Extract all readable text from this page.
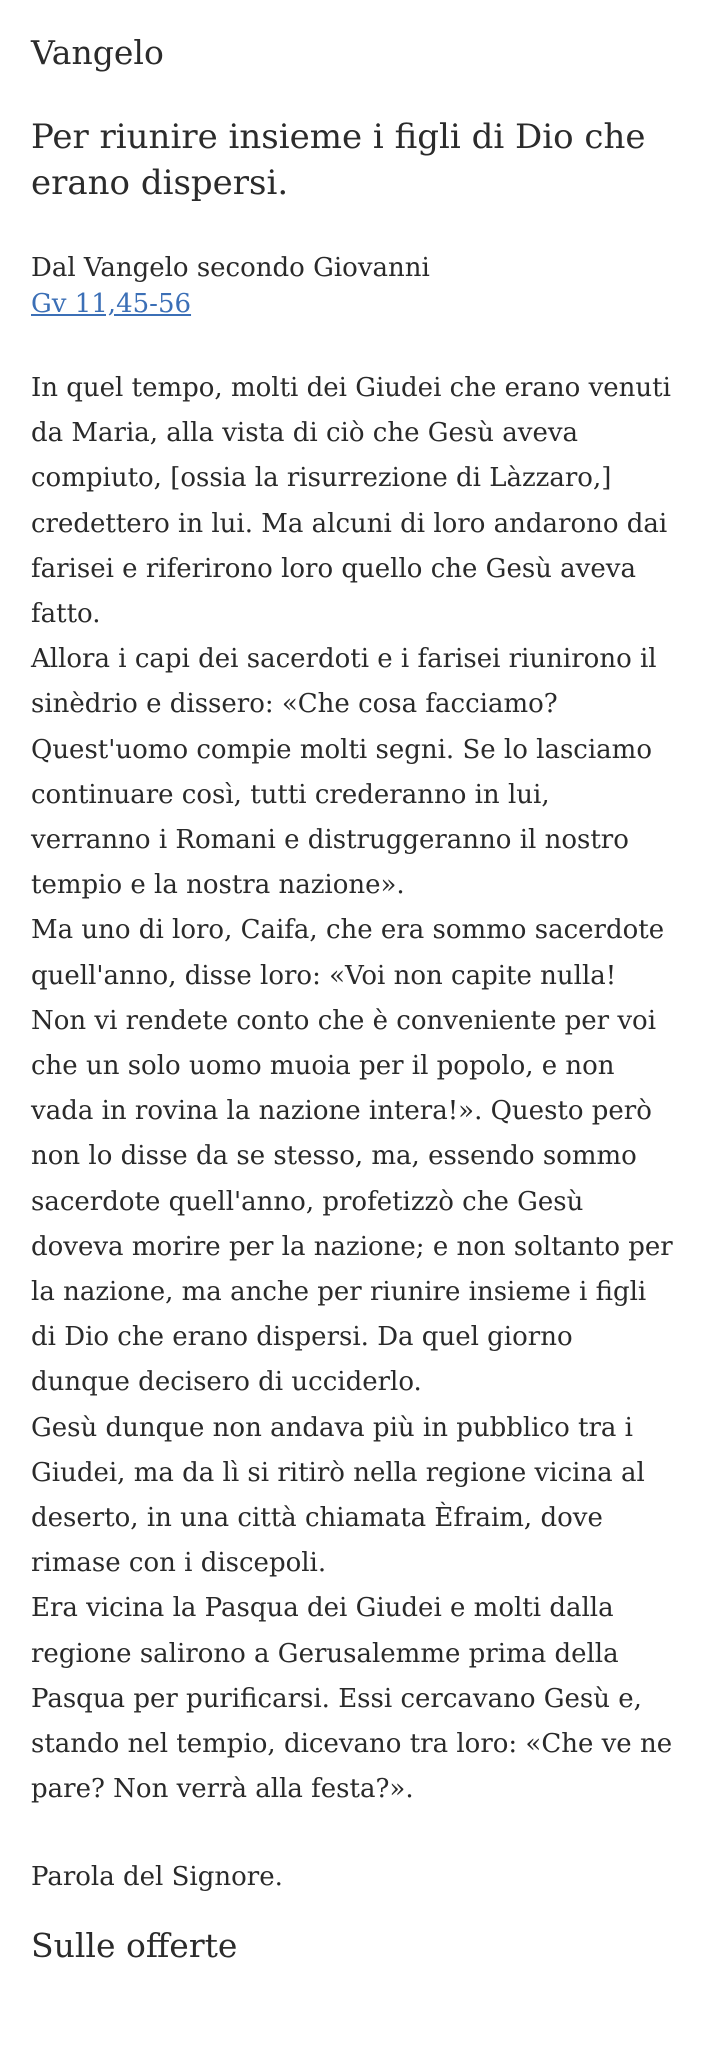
Vangelo
Per riunire insieme i figli di Dio che erano dispersi.
Dal Vangelo secondo Giovanni
Gv 11,45-56

In quel tempo, molti dei Giudei che erano venuti da Maria, alla vista di ciò che Gesù aveva compiuto, [ossia la risurrezione di Làzzaro,] credettero in lui. Ma alcuni di loro andarono dai farisei e riferirono loro quello che Gesù aveva fatto.

Allora i capi dei sacerdoti e i farisei riunirono il sinèdrio e dissero: «Che cosa facciamo? Quest'uomo compie molti segni. Se lo lasciamo continuare così, tutti crederanno in lui, verranno i Romani e distruggeranno il nostro tempio e la nostra nazione».

Ma uno di loro, Caifa, che era sommo sacerdote quell'anno, disse loro: «Voi non capite nulla! Non vi rendete conto che è conveniente per voi che un solo uomo muoia per il popolo, e non vada in rovina la nazione intera!». Questo però non lo disse da se stesso, ma, essendo sommo sacerdote quell'anno, profetizzò che Gesù doveva morire per la nazione; e non soltanto per la nazione, ma anche per riunire insieme i figli di Dio che erano dispersi. Da quel giorno dunque decisero di ucciderlo.

Gesù dunque non andava più in pubblico tra i Giudei, ma da lì si ritirò nella regione vicina al deserto, in una città chiamata Èfraim, dove rimase con i discepoli.

Era vicina la Pasqua dei Giudei e molti dalla regione salirono a Gerusalemme prima della Pasqua per purificarsi. Essi cercavano Gesù e, stando nel tempio, dicevano tra loro: «Che ve ne pare? Non verrà alla festa?».

Parola del Signore.
Sulle offerte
